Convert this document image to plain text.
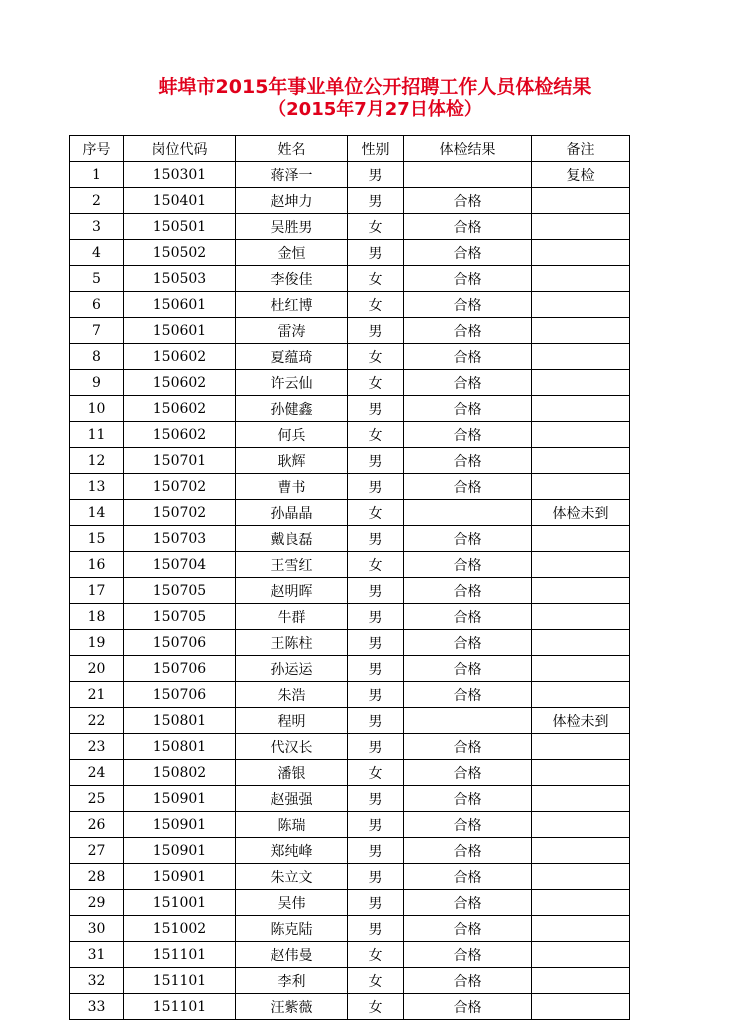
蚌埠市2015年事业单位公开招聘工作人员体检结果
（2015年7月27日体检）
序号	岗位代码	姓名	性别	体检结果	备注
1	150301	蒋泽一	男		复检
2	150401	赵坤力	男	合格	
3	150501	吴胜男	女	合格	
4	150502	金恒	男	合格	
5	150503	李俊佳	女	合格	
6	150601	杜红博	女	合格	
7	150601	雷涛	男	合格	
8	150602	夏蕴琦	女	合格	
9	150602	许云仙	女	合格	
10	150602	孙健鑫	男	合格	
11	150602	何兵	女	合格	
12	150701	耿辉	男	合格	
13	150702	曹书	男	合格	
14	150702	孙晶晶	女		体检未到
15	150703	戴良磊	男	合格	
16	150704	王雪红	女	合格	
17	150705	赵明晖	男	合格	
18	150705	牛群	男	合格	
19	150706	王陈柱	男	合格	
20	150706	孙运运	男	合格	
21	150706	朱浩	男	合格	
22	150801	程明	男		体检未到
23	150801	代汉长	男	合格	
24	150802	潘银	女	合格	
25	150901	赵强强	男	合格	
26	150901	陈瑞	男	合格	
27	150901	郑纯峰	男	合格	
28	150901	朱立文	男	合格	
29	151001	吴伟	男	合格	
30	151002	陈克陆	男	合格	
31	151101	赵伟曼	女	合格	
32	151101	李利	女	合格	
33	151101	汪紫薇	女	合格	
